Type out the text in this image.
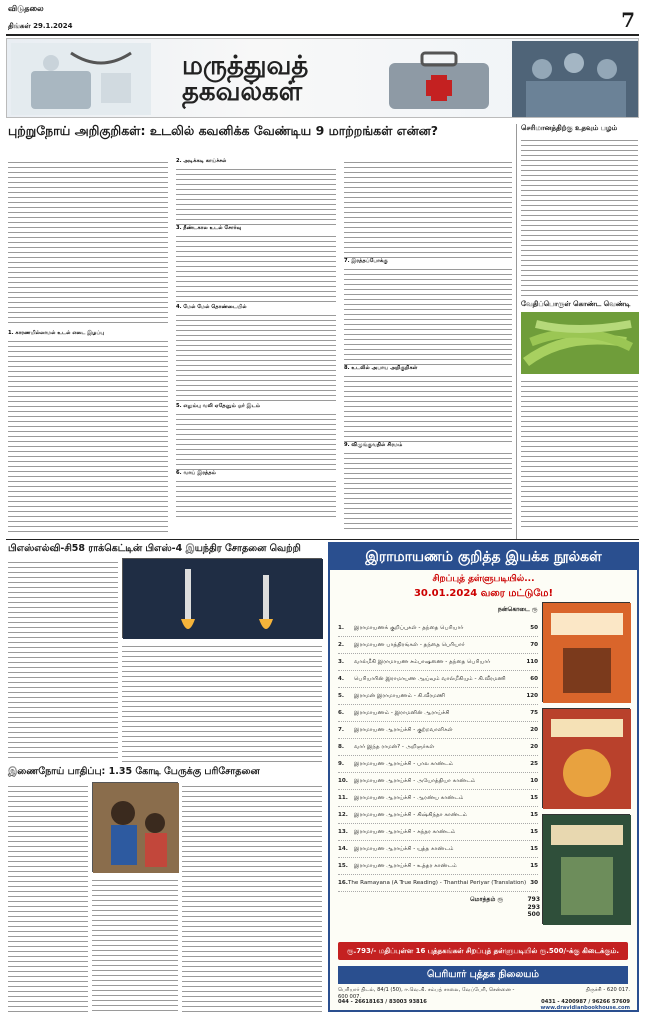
விடுதலை
திங்கள் 29.1.2024	7
மருத்துவத்
தகவல்கள்
புற்றுநோய் அறிகுறிகள்: உடலில் கவனிக்க வேண்டிய 9 மாற்றங்கள் என்ன?
1. காரணமில்லாமல் உடல் எடை இழப்பு
2. அடிக்கடி காய்ச்சல்
3. நீண்டகால உடல் சோர்வு
4. மேல் மேல் தொண்டையில்
5. எலும்பு வலி ஏதேனும் ஓர் இடம்
6. வாய் இரத்தம்
7. இரத்தப்போக்கு
8. உடலில் அபாய அறிகுறிகள்
9. விழுங்குவதில் சிரமம்
செரிமானத்திற்கு உதவும் பழம்
வேதிப்பொருள் கொண்ட வெண்டி
பிஎஸ்எல்வி-சி58 ராக்கெட்டின் பிஎஸ்-4 இயந்திர சோதனை வெற்றி
இணைநோய் பாதிப்பு: 1.35 கோடி பேருக்கு பரிசோதனை
இராமாயணம் குறித்த இயக்க நூல்கள்
சிறப்புத் தள்ளுபடியில்...
30.01.2024 வரை மட்டுமே!
நன்கொடை ரூ
1.	இராமாயணக் குறிப்புகள் - தந்தை பெரியார்	50
2.	இராமாயண பாத்திரங்கள் - தந்தை பெரியார்	70
3.	வால்மீகி இராமாயண சம்பாஷணை - தந்தை பெரியார்	110
4.	பெரியாரின் இராமாயண ஆய்வும் வால்மீகியும் - கி.வீரமணி	60
5.	இராமன் இராமாயணம் - கி.வீரமணி	120
6.	இராமாயணம் - இராமனின் ஆராய்ச்சி	75
7.	இராமாயண ஆராய்ச்சி - குற்றவாளிகள்	20
8.	வார் இந்த ராமன்? - அறிஞர்கள்	20
9.	இராமாயண ஆராய்ச்சி - பால காண்டம்	25
10.	இராமாயண ஆராய்ச்சி - அயோத்தியா காண்டம்	10
11.	இராமாயண ஆராய்ச்சி - ஆரண்ய காண்டம்	15
12.	இராமாயண ஆராய்ச்சி - கிஷ்கிந்தா காண்டம்	15
13.	இராமாயண ஆராய்ச்சி - சுந்தர காண்டம்	15
14.	இராமாயண ஆராய்ச்சி - யுத்த காண்டம்	15
15.	இராமாயண ஆராய்ச்சி - உத்தர காண்டம்	15
16. The Ramayana (A True Reading) - Thanthai Periyar (Translation) 30
மொத்தம் ரூ	793
293
500
ரூ.793/- மதிப்புள்ள 16 புத்தகங்கள் சிறப்புத் தள்ளுபடியில் ரூ.500/-க்கு கிடைக்கும்.
பெரியார் புத்தக நிலையம்
பெரியார் திடல், 84/1 (50), ஈ.வெ.கி. சம்பத் சாலை, வேப்பேரி, சென்னை - 600 007.
திருச்சி - 620 017.
044 - 26618163 / 83003 93816	0431 - 4200987 / 96266 57609
www.dravidianbookhouse.com
